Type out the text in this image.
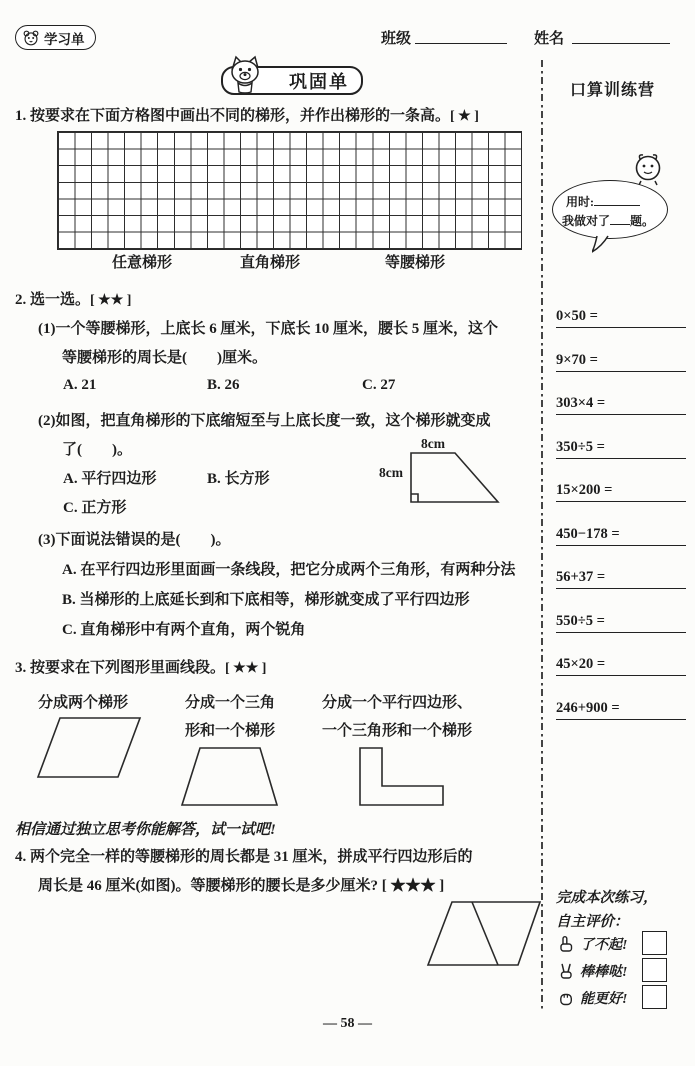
学习单	班级	姓名
巩固单
1. 按要求在下面方格图中画出不同的梯形，并作出梯形的一条高。[ ★ ]
任意梯形	直角梯形	等腰梯形
2. 选一选。[ ★★ ]
(1)一个等腰梯形，上底长 6 厘米，下底长 10 厘米，腰长 5 厘米，这个
等腰梯形的周长是(　　)厘米。
A. 21	B. 26	C. 27
(2)如图，把直角梯形的下底缩短至与上底长度一致，这个梯形就变成
了(　　)。
A. 平行四边形	B. 长方形
C. 正方形
8cm
8cm
(3)下面说法错误的是(　　)。
A. 在平行四边形里面画一条线段，把它分成两个三角形，有两种分法
B. 当梯形的上底延长到和下底相等，梯形就变成了平行四边形
C. 直角梯形中有两个直角，两个锐角
3. 按要求在下列图形里画线段。[ ★★ ]
分成两个梯形	分成一个三角
形和一个梯形
分成一个平行四边形、
一个三角形和一个梯形
相信通过独立思考你能解答，试一试吧!
4. 两个完全一样的等腰梯形的周长都是 31 厘米，拼成平行四边形后的
周长是 46 厘米(如图)。等腰梯形的腰长是多少厘米? [ ★★★ ]
— 58 —
口算训练营
用时:
我做对了 题。
0×50 =
9×70 =
303×4 =
350÷5 =
15×200 =
450−178 =
56+37 =
550÷5 =
45×20 =
246+900 =
完成本次练习，
自主评价：
了不起!
棒棒哒!
能更好!
